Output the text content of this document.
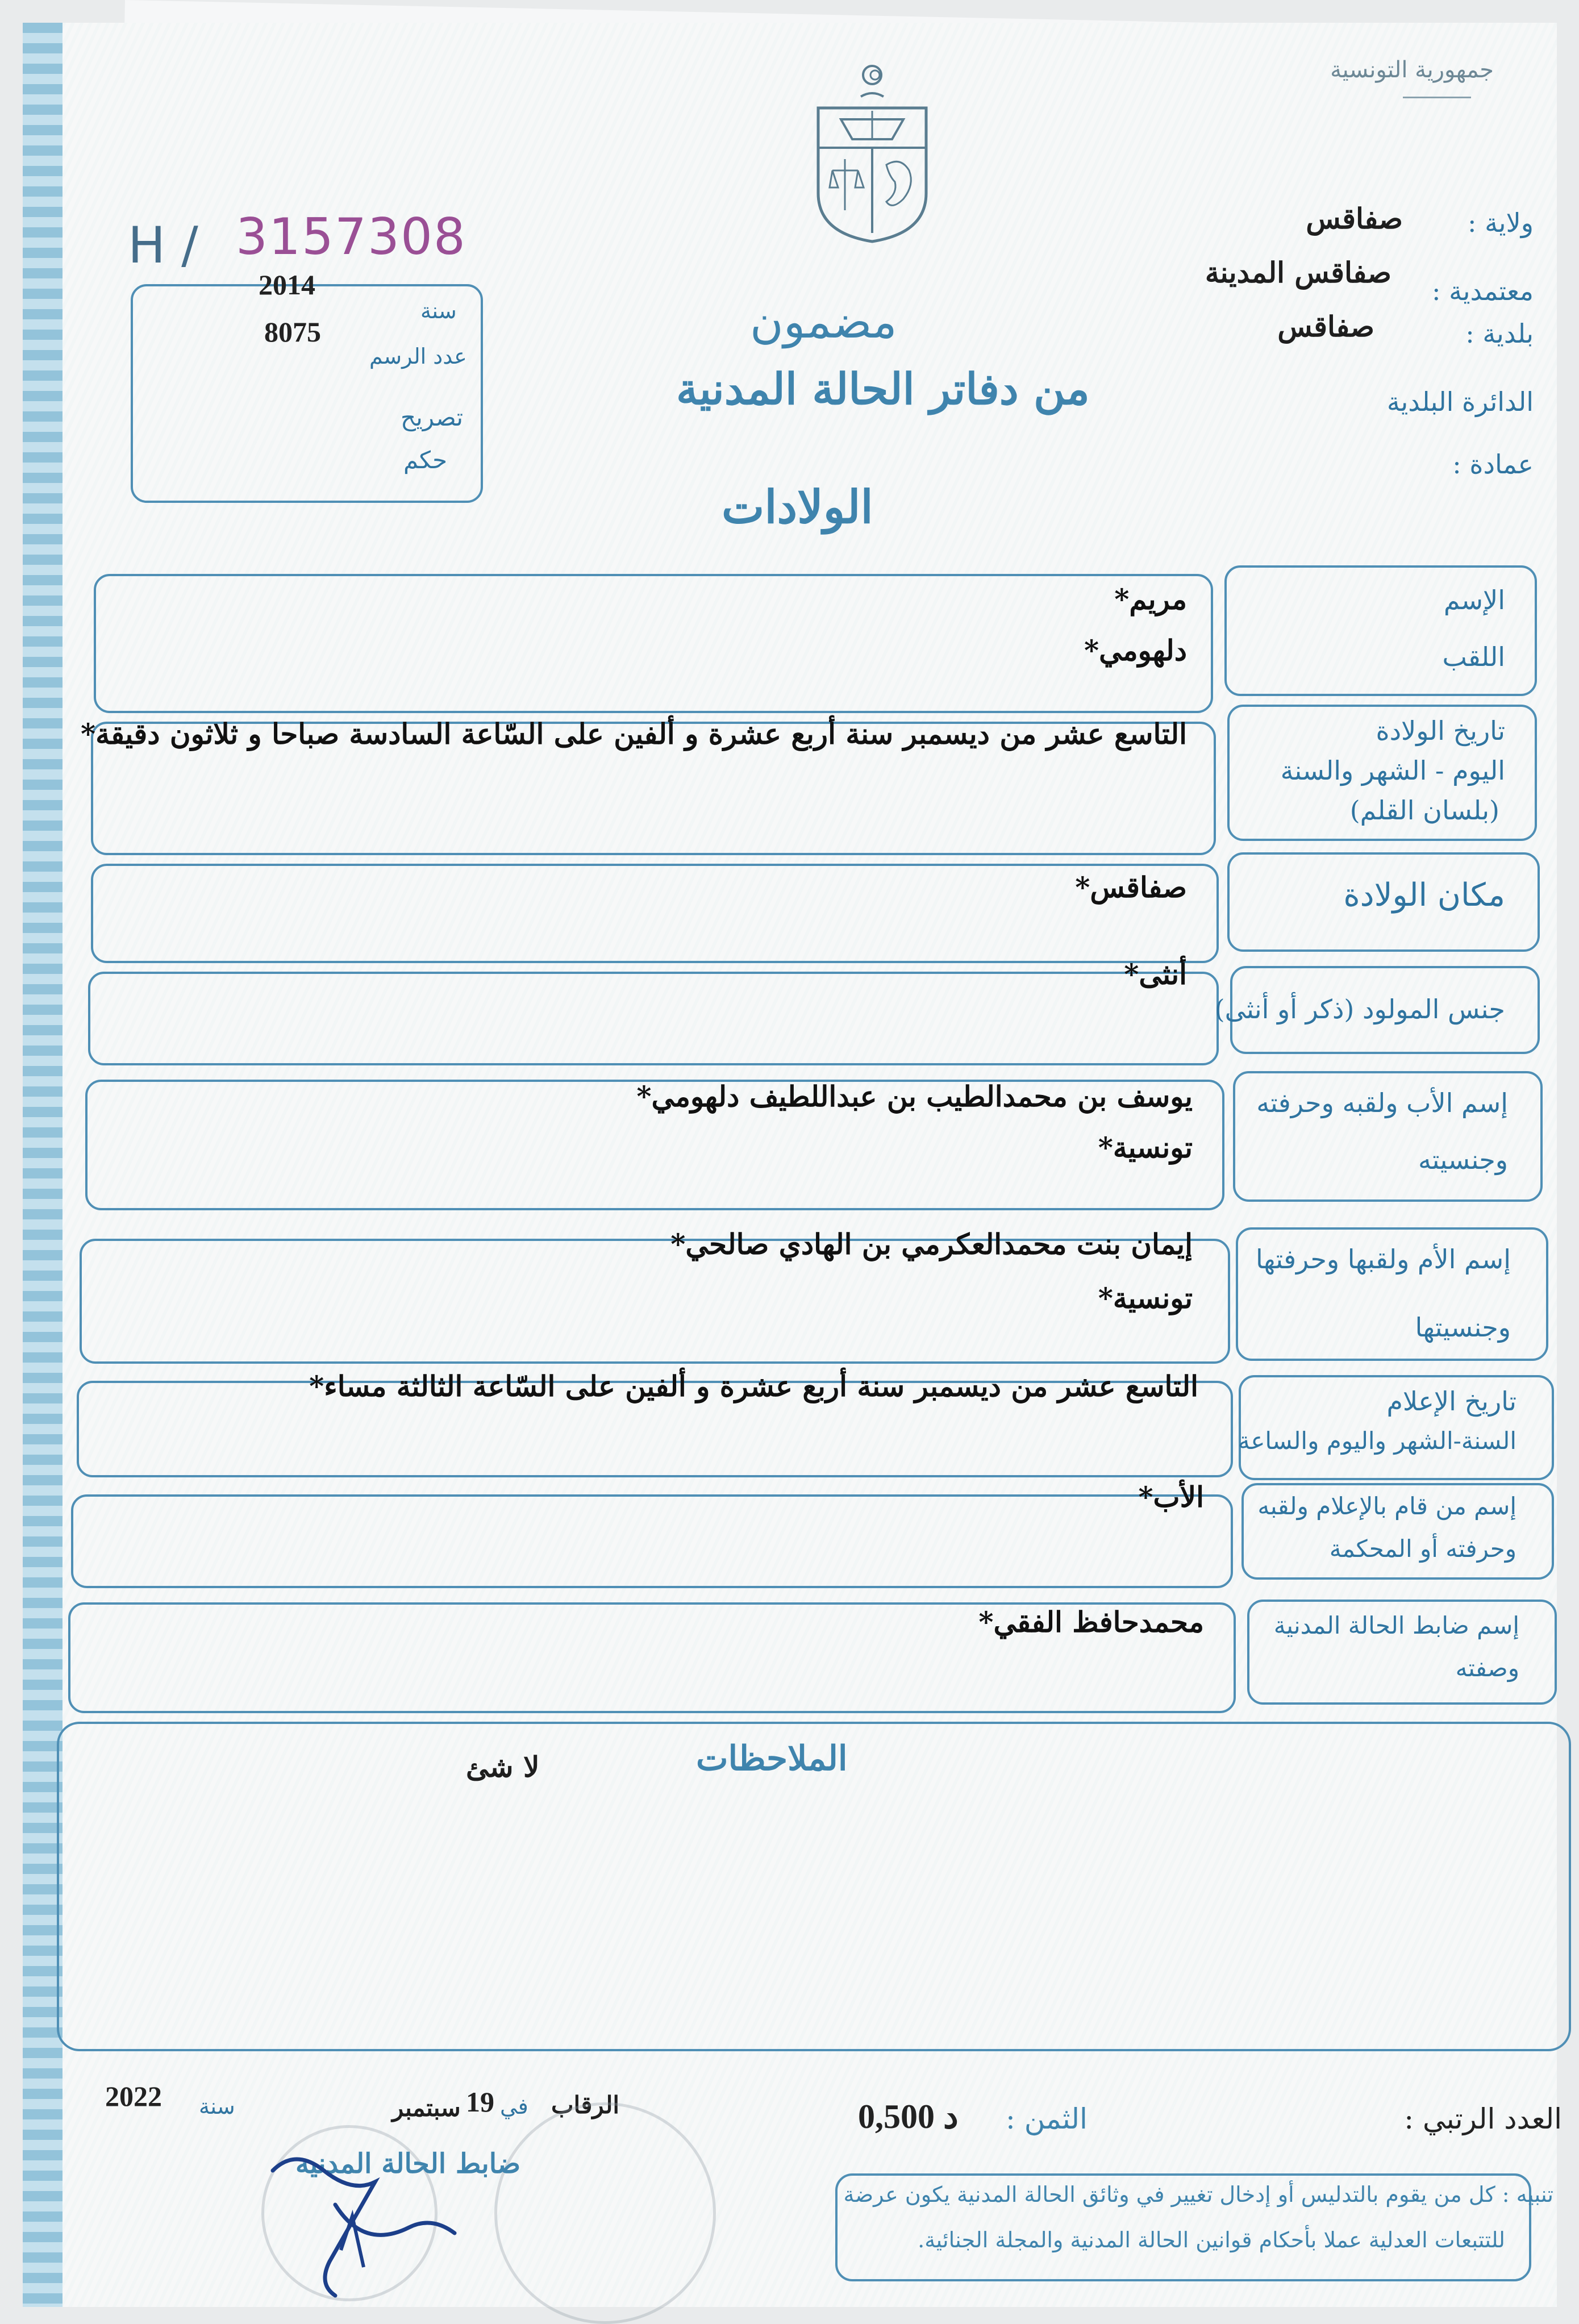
جمهورية التونسية
ولاية :
صفاقس
معتمدية :
صفاقس المدينة
بلدية :
صفاقس
الدائرة البلدية
عمادة :
H / 3157308
2014
سنة
8075
عدد الرسم
تصريح
حكم
مضمون
من دفاتر الحالة المدنية
الولادات
الإسم
اللقب
مريم*
دلهومي*
تاريخ الولادة
اليوم - الشهر والسنة
(بلسان القلم)
التاسع عشر من ديسمبر سنة أربع عشرة و ألفين على السّاعة السادسة صباحا و ثلاثون دقيقة*
مكان الولادة
صفاقس*
جنس المولود (ذكر أو أنثى)
أنثى*
إسم الأب ولقبه وحرفته
وجنسيته
يوسف بن محمدالطيب بن عبداللطيف دلهومي*
تونسية*
إسم الأم ولقبها وحرفتها
وجنسيتها
إيمان بنت محمدالعكرمي بن الهادي صالحي*
تونسية*
تاريخ الإعلام
السنة-الشهر واليوم والساعة
التاسع عشر من ديسمبر سنة أربع عشرة و ألفين على السّاعة الثالثة مساء*
إسم من قام بالإعلام ولقبه
وحرفته أو المحكمة
الأب*
إسم ضابط الحالة المدنية
وصفته
محمدحافظ الفقي*
الملاحظات
لا شئ
العدد الرتبي :
الثمن :
0,500 د
الرقاب
في
19
سبتمبر
سنة
2022
ضابط الحالة المدنية
تنبيه : كل من يقوم بالتدليس أو إدخال تغيير في وثائق الحالة المدنية يكون عرضة
للتتبعات العدلية عملا بأحكام قوانين الحالة المدنية والمجلة الجنائية.
